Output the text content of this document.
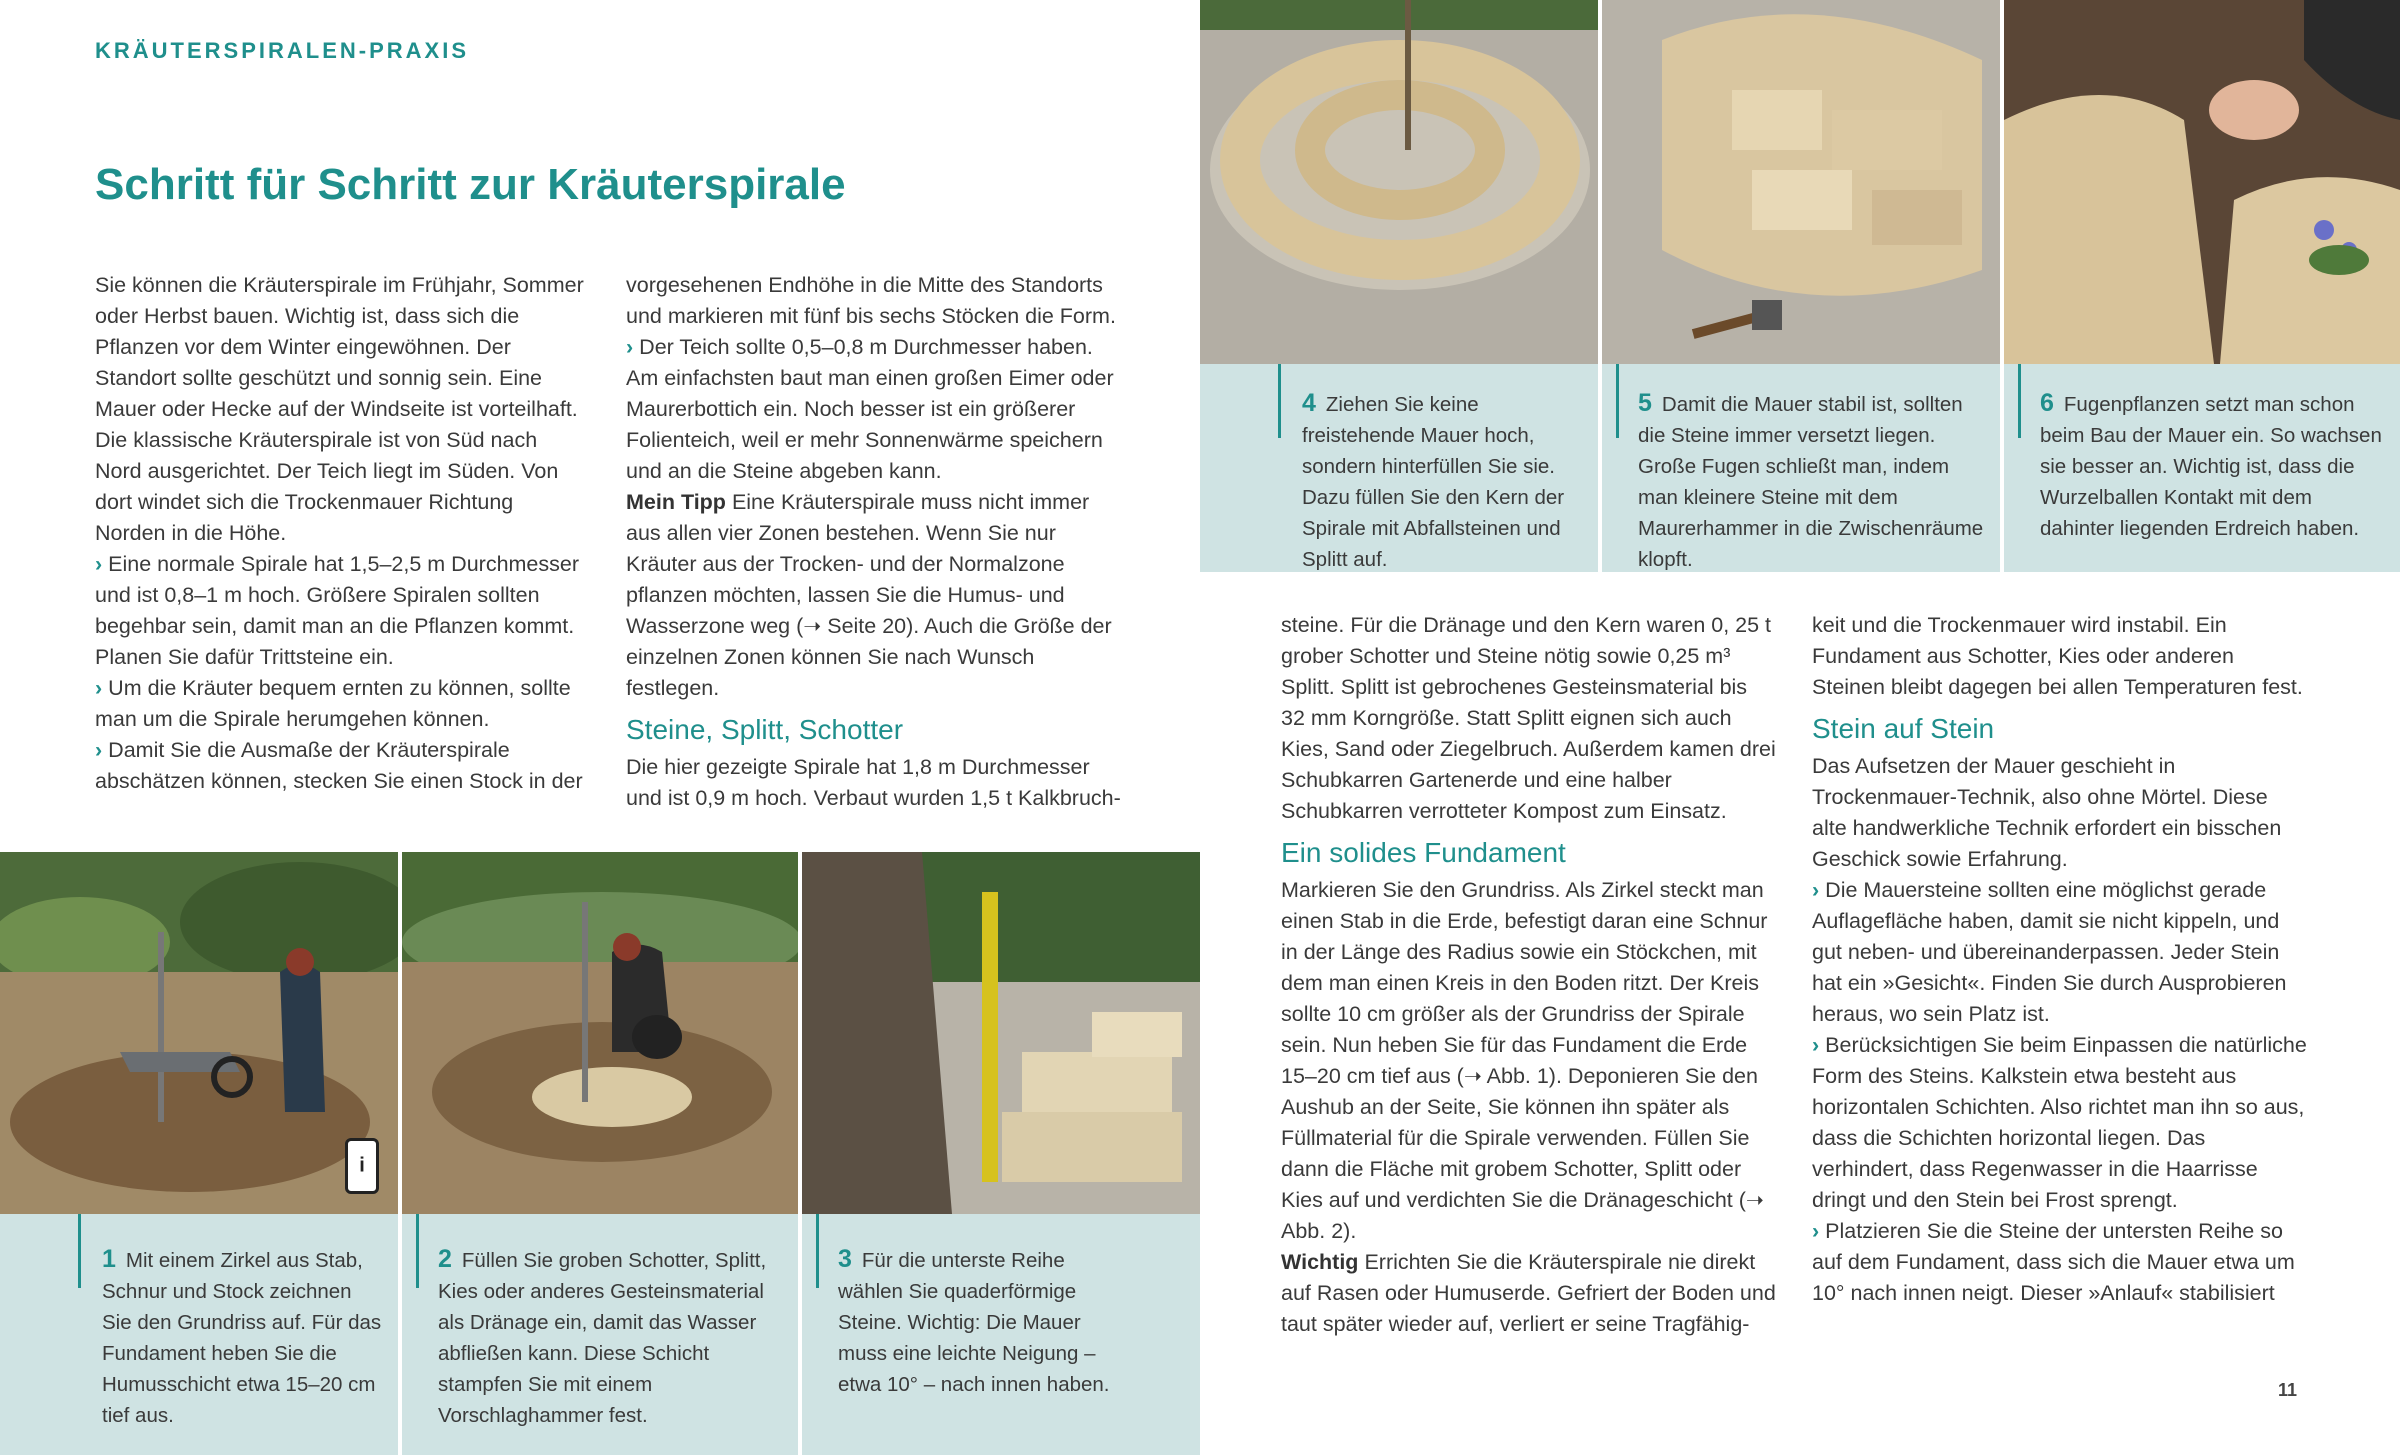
KRÄUTERSPIRALEN-PRAXIS
Schritt für Schritt zur Kräuterspirale

Sie können die Kräuterspirale im Frühjahr, Sommer oder Herbst bauen. Wichtig ist, dass sich die Pflanzen vor dem Winter eingewöhnen. Der Standort sollte geschützt und sonnig sein. Eine Mauer oder Hecke auf der Windseite ist vorteilhaft. Die klassische Kräuterspirale ist von Süd nach Nord ausgerichtet. Der Teich liegt im Süden. Von dort windet sich die Trockenmauer Richtung Norden in die Höhe.

› Eine normale Spirale hat 1,5–2,5 m Durchmesser und ist 0,8–1 m hoch. Größere Spiralen sollten begehbar sein, damit man an die Pflanzen kommt. Planen Sie dafür Trittsteine ein.

› Um die Kräuter bequem ernten zu können, sollte man um die Spirale herumgehen können.

› Damit Sie die Ausmaße der Kräuterspirale abschätzen können, stecken Sie einen Stock in der

vorgesehenen Endhöhe in die Mitte des Standorts und markieren mit fünf bis sechs Stöcken die Form.

› Der Teich sollte 0,5–0,8 m Durchmesser haben. Am einfachsten baut man einen großen Eimer oder Maurerbottich ein. Noch besser ist ein größerer Folienteich, weil er mehr Sonnenwärme speichern und an die Steine abgeben kann.

Mein Tipp Eine Kräuterspirale muss nicht immer aus allen vier Zonen bestehen. Wenn Sie nur Kräuter aus der Trocken- und der Normalzone pflanzen möchten, lassen Sie die Humus- und Wasserzone weg (➝ Seite 20). Auch die Größe der einzelnen Zonen können Sie nach Wunsch festlegen.

Steine, Splitt, Schotter

Die hier gezeigte Spirale hat 1,8 m Durchmesser und ist 0,9 m hoch. Verbaut wurden 1,5 t Kalkbruch-

steine. Für die Dränage und den Kern waren 0, 25 t grober Schotter und Steine nötig sowie 0,25 m³ Splitt. Splitt ist gebrochenes Gesteinsmaterial bis 32 mm Korngröße. Statt Splitt eignen sich auch Kies, Sand oder Ziegelbruch. Außerdem kamen drei Schubkarren Gartenerde und eine halber Schubkarren verrotteter Kompost zum Einsatz.

Ein solides Fundament

Markieren Sie den Grundriss. Als Zirkel steckt man einen Stab in die Erde, befestigt daran eine Schnur in der Länge des Radius sowie ein Stöckchen, mit dem man einen Kreis in den Boden ritzt. Der Kreis sollte 10 cm größer als der Grundriss der Spirale sein. Nun heben Sie für das Fundament die Erde 15–20 cm tief aus (➝ Abb. 1). Deponieren Sie den Aushub an der Seite, Sie können ihn später als Füllmaterial für die Spirale verwenden. Füllen Sie dann die Fläche mit grobem Schotter, Splitt oder Kies auf und verdichten Sie die Dränageschicht (➝ Abb. 2).

Wichtig Errichten Sie die Kräuterspirale nie direkt auf Rasen oder Humuserde. Gefriert der Boden und taut später wieder auf, verliert er seine Tragfähig-

keit und die Trockenmauer wird instabil. Ein Fundament aus Schotter, Kies oder anderen Steinen bleibt dagegen bei allen Temperaturen fest.

Stein auf Stein

Das Aufsetzen der Mauer geschieht in Trockenmauer-Technik, also ohne Mörtel. Diese alte handwerkliche Technik erfordert ein bisschen Geschick sowie Erfahrung.

› Die Mauersteine sollten eine möglichst gerade Auflagefläche haben, damit sie nicht kippeln, und gut neben- und übereinanderpassen. Jeder Stein hat ein »Gesicht«. Finden Sie durch Ausprobieren heraus, wo sein Platz ist.

› Berücksichtigen Sie beim Einpassen die natürliche Form des Steins. Kalkstein etwa besteht aus horizontalen Schichten. Also richtet man ihn so aus, dass die Schichten horizontal liegen. Das verhindert, dass Regenwasser in die Haarrisse dringt und den Stein bei Frost sprengt.

› Platzieren Sie die Steine der untersten Reihe so auf dem Fundament, dass sich die Mauer etwa um 10° nach innen neigt. Dieser »Anlauf« stabilisiert

i
1 Mit einem Zirkel aus Stab, Schnur und Stock zeichnen Sie den Grundriss auf. Für das Fundament heben Sie die Humusschicht etwa 15–20 cm tief aus.
2 Füllen Sie groben Schotter, Splitt, Kies oder anderes Gesteinsmaterial als Dränage ein, damit das Wasser abfließen kann. Diese Schicht stampfen Sie mit einem Vorschlaghammer fest.
3 Für die unterste Reihe wählen Sie quaderförmige Steine. Wichtig: Die Mauer muss eine leichte Neigung – etwa 10° – nach innen haben.
4 Ziehen Sie keine freistehende Mauer hoch, sondern hinterfüllen Sie sie. Dazu füllen Sie den Kern der Spirale mit Abfallsteinen und Splitt auf.
5 Damit die Mauer stabil ist, sollten die Steine immer versetzt liegen. Große Fugen schließt man, indem man kleinere Steine mit dem Maurerhammer in die Zwischenräume klopft.
6 Fugenpflanzen setzt man schon beim Bau der Mauer ein. So wachsen sie besser an. Wichtig ist, dass die Wurzelballen Kontakt mit dem dahinter liegenden Erdreich haben.
11
